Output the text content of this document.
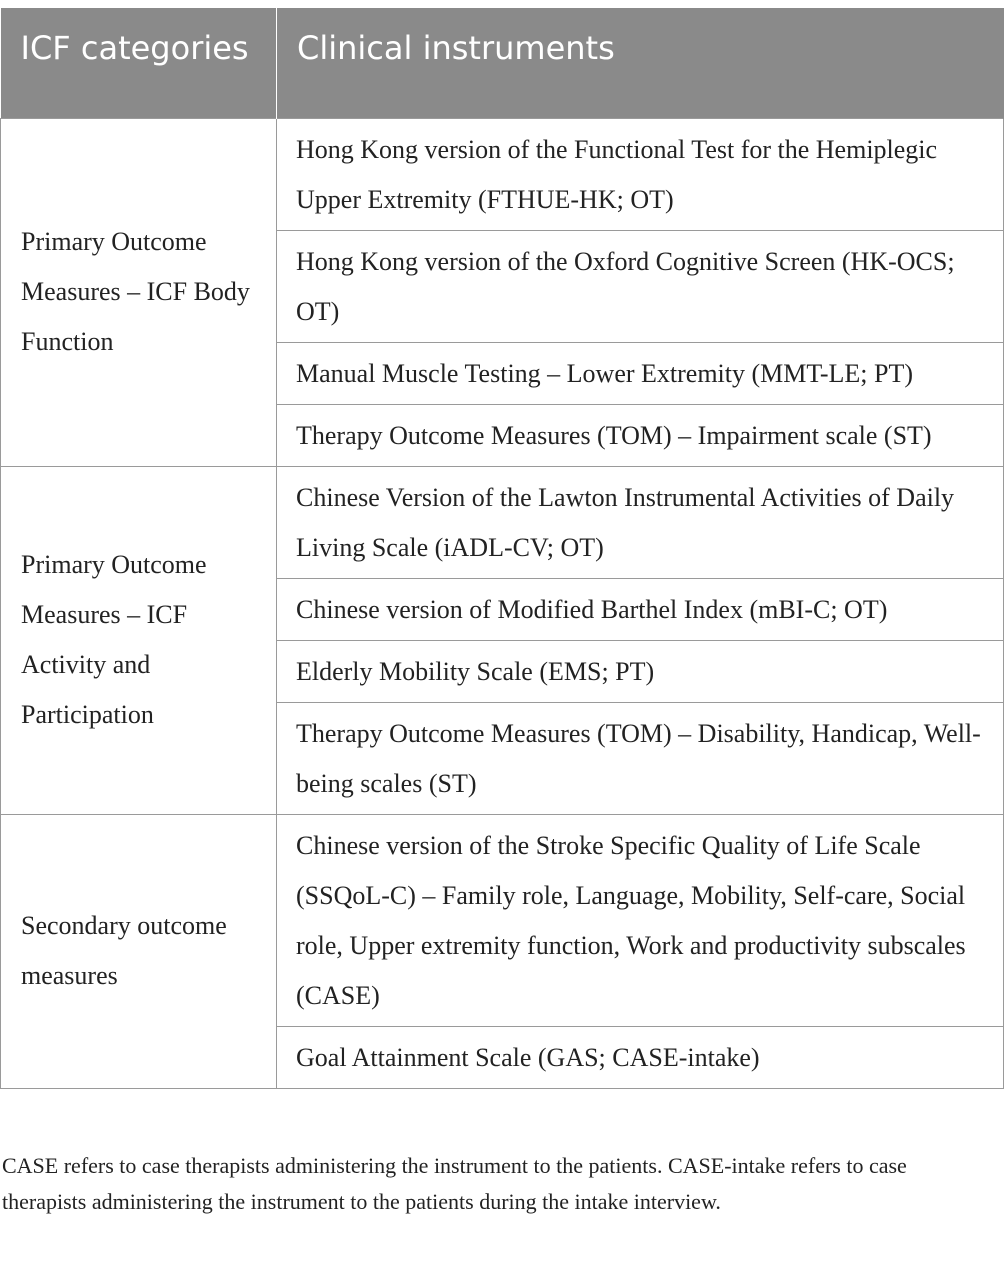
ICF categories	Clinical instruments
Primary Outcome Measures – ICF Body Function	Hong Kong version of the Functional Test for the Hemiplegic Upper Extremity (FTHUE-HK; OT)
	Hong Kong version of the Oxford Cognitive Screen (HK-OCS; OT)
	Manual Muscle Testing – Lower Extremity (MMT-LE; PT)
	Therapy Outcome Measures (TOM) – Impairment scale (ST)
Primary Outcome Measures – ICF Activity and Participation	Chinese Version of the Lawton Instrumental Activities of Daily Living Scale (iADL-CV; OT)
	Chinese version of Modified Barthel Index (mBI-C; OT)
	Elderly Mobility Scale (EMS; PT)
	Therapy Outcome Measures (TOM) – Disability, Handicap, Well-being scales (ST)
Secondary outcome measures	Chinese version of the Stroke Specific Quality of Life Scale (SSQoL-C) – Family role, Language, Mobility, Self-care, Social role, Upper extremity function, Work and productivity subscales (CASE)
	Goal Attainment Scale (GAS; CASE-intake)

CASE refers to case therapists administering the instrument to the patients. CASE-intake refers to case therapists administering the instrument to the patients during the intake interview.
